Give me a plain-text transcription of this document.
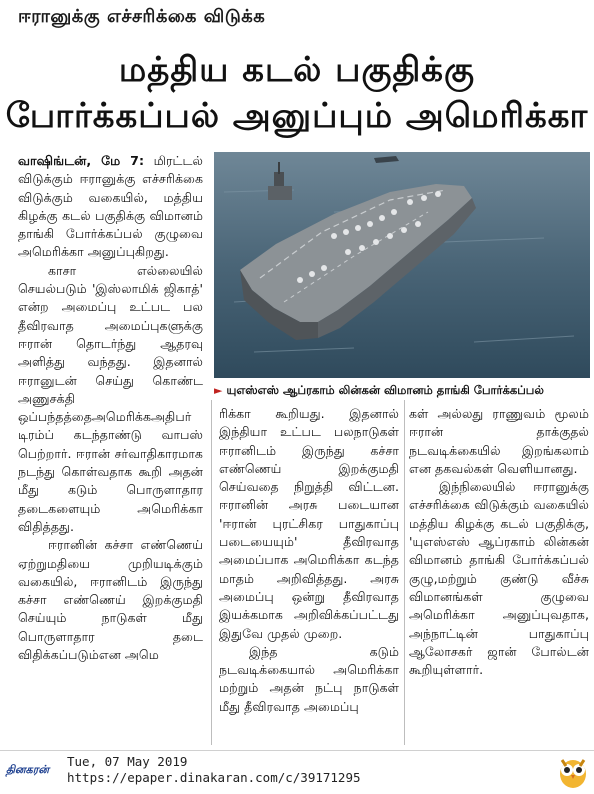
ஈரானுக்கு எச்சரிக்கை விடுக்க
மத்திய கடல் பகுதிக்கு
போர்க்கப்பல் அனுப்பும் அமெரிக்கா
► யுஎஸ்எஸ் ஆப்ரகாம் லின்கன் விமானம் தாங்கி போர்க்கப்பல்

வாஷிங்டன், மே 7: மிரட்டல் விடுக்கும் ஈரானுக்கு எச்சரிக்கை விடுக்கும் வகையில், மத்திய கிழக்கு கடல் பகுதிக்கு விமானம் தாங்கி போர்க்கப்பல் குழுவை அமெரிக்கா அனுப்புகிறது.

காசா எல்லையில் செயல்படும் 'இஸ்லாமிக் ஜிகாத்' என்ற அமைப்பு உட்பட பல தீவிரவாத அமைப்புகளுக்கு ஈரான் தொடர்ந்து ஆதரவு அளித்து வந்தது. இதனால் ஈரானுடன் செய்து கொண்ட அணுசக்தி ஒப்பந்தத்தைஅமெரிக்கஅதிபர் டிரம்ப் கடந்தாண்டு வாபஸ் பெற்றார். ஈரான் சர்வாதிகாரமாக நடந்து கொள்வதாக கூறி அதன் மீது கடும் பொருளாதார தடைகளையும் அமெரிக்கா விதித்தது.

ஈரானின் கச்சா எண்ணெய் ஏற்றுமதியை முறியடிக்கும் வகையில், ஈரானிடம் இருந்து கச்சா எண்ணெய் இறக்குமதி செய்யும் நாடுகள் மீது பொருளாதார தடை விதிக்கப்படும்என அமெ

ரிக்கா கூறியது. இதனால் இந்தியா உட்பட பலநாடுகள் ஈரானிடம் இருந்து கச்சா எண்ணெய் இறக்குமதி செய்வதை நிறுத்தி விட்டன. ஈரானின் அரசு படையான 'ஈரான் புரட்சிகர பாதுகாப்பு படையையும்' தீவிரவாத அமைப்பாக அமெரிக்கா கடந்த மாதம் அறிவித்தது. அரசு அமைப்பு ஒன்று தீவிரவாத இயக்கமாக அறிவிக்கப்பட்டது இதுவே முதல் முறை.

இந்த கடும் நடவடிக்கையால் அமெரிக்கா மற்றும் அதன் நட்பு நாடுகள் மீது தீவிரவாத அமைப்பு

கள் அல்லது ராணுவம் மூலம் ஈரான் தாக்குதல் நடவடிக்கையில் இறங்கலாம் என தகவல்கள் வெளியானது.

இந்நிலையில் ஈரானுக்கு எச்சரிக்கை விடுக்கும் வகையில் மத்திய கிழக்கு கடல் பகுதிக்கு, 'யுஎஸ்எஸ் ஆப்ரகாம் லின்கன் விமானம் தாங்கி போர்க்கப்பல் குழு,மற்றும் குண்டு வீச்சு விமானங்கள் குழுவை அமெரிக்கா அனுப்புவதாக, அந்நாட்டின் பாதுகாப்பு ஆலோசகர் ஜான் போல்டன் கூறியுள்ளார்.

தினகரன்
Tue, 07 May 2019
https://epaper.dinakaran.com/c/39171295
